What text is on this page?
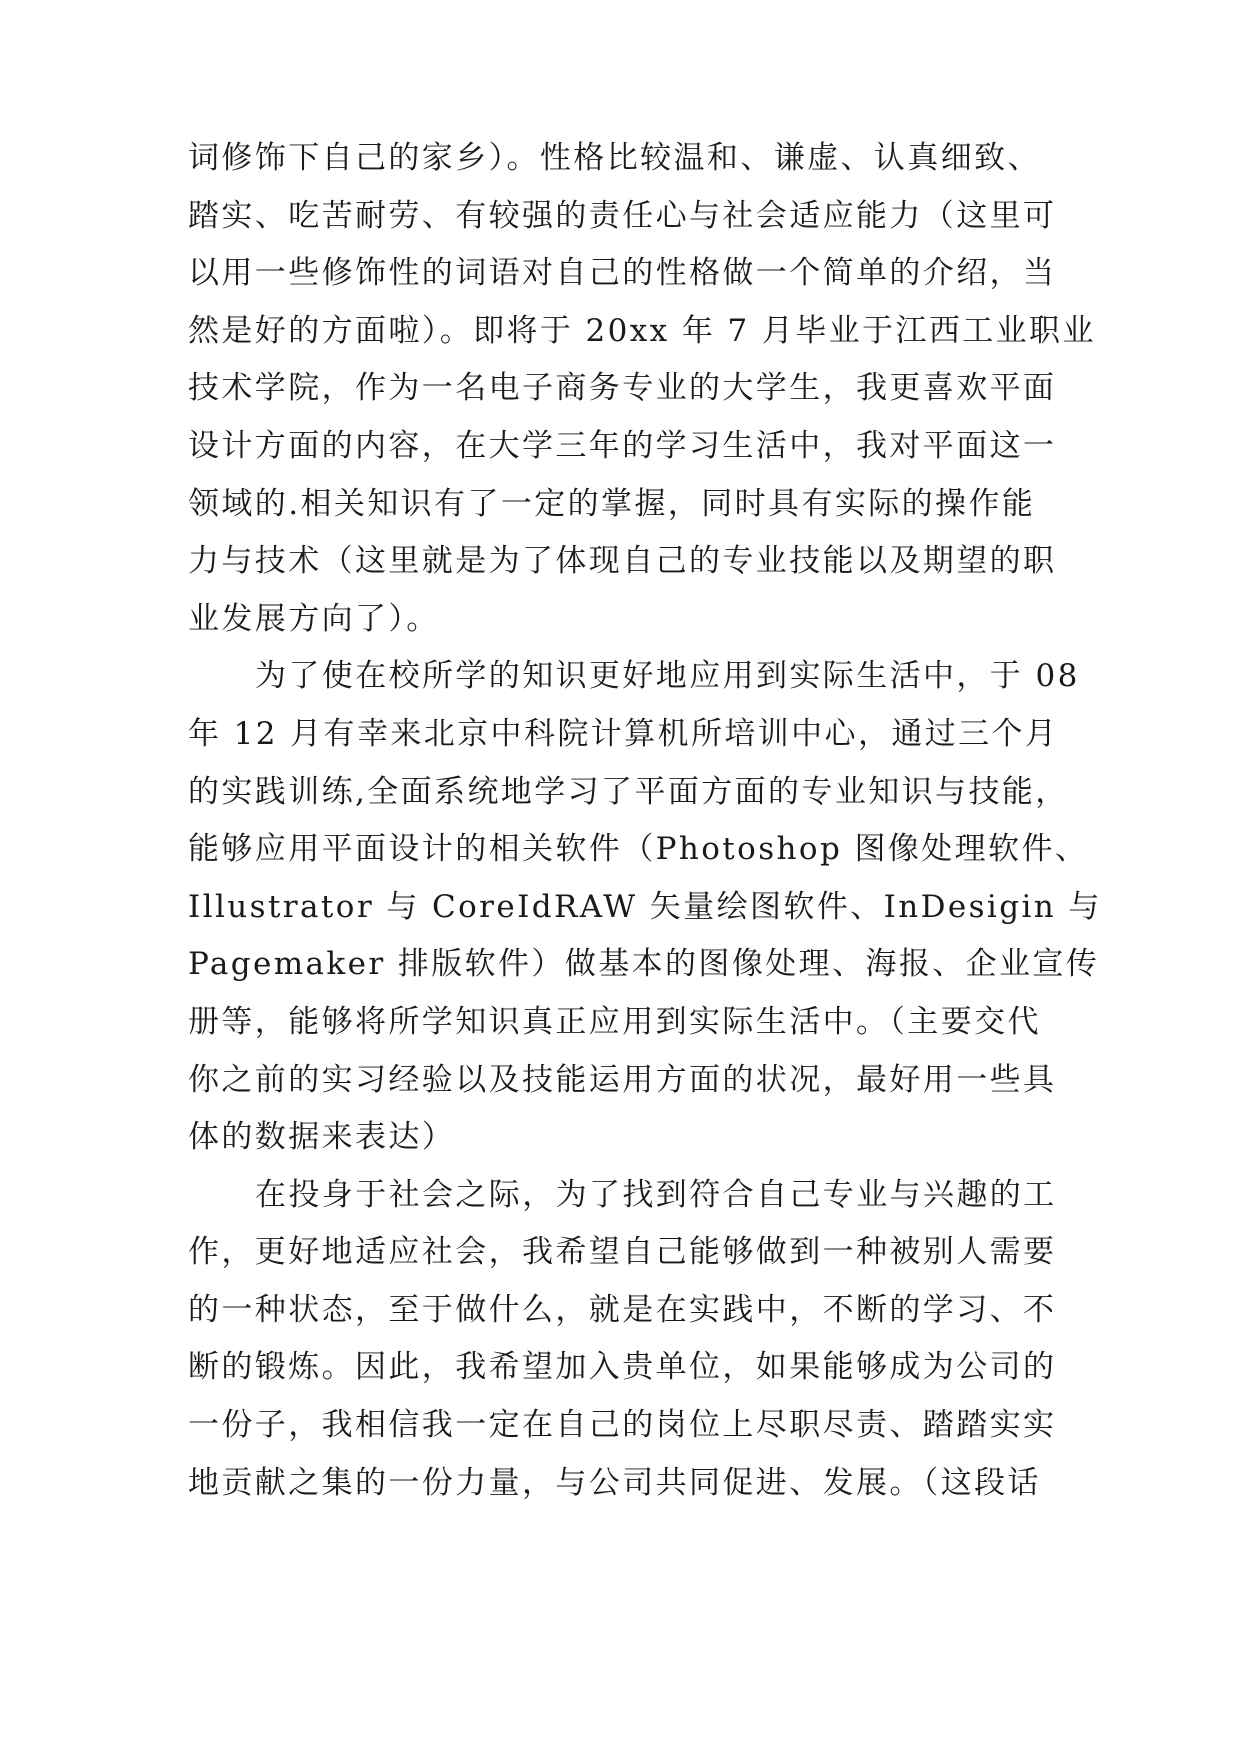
词修饰下自己的家乡）。性格比较温和、谦虚、认真细致、
踏实、吃苦耐劳、有较强的责任心与社会适应能力（这里可
以用一些修饰性的词语对自己的性格做一个简单的介绍，当
然是好的方面啦）。即将于 20xx 年 7 月毕业于江西工业职业
技术学院，作为一名电子商务专业的大学生，我更喜欢平面
设计方面的内容，在大学三年的学习生活中，我对平面这一
领域的.相关知识有了一定的掌握，同时具有实际的操作能
力与技术（这里就是为了体现自己的专业技能以及期望的职
业发展方向了）。
为了使在校所学的知识更好地应用到实际生活中，于 08
年 12 月有幸来北京中科院计算机所培训中心，通过三个月
的实践训练,全面系统地学习了平面方面的专业知识与技能，
能够应用平面设计的相关软件（Photoshop 图像处理软件、
Illustrator 与 CoreIdRAW 矢量绘图软件、InDesigin 与
Pagemaker 排版软件）做基本的图像处理、海报、企业宣传
册等，能够将所学知识真正应用到实际生活中。（主要交代
你之前的实习经验以及技能运用方面的状况，最好用一些具
体的数据来表达）
在投身于社会之际，为了找到符合自己专业与兴趣的工
作，更好地适应社会，我希望自己能够做到一种被别人需要
的一种状态，至于做什么，就是在实践中，不断的学习、不
断的锻炼。因此，我希望加入贵单位，如果能够成为公司的
一份子，我相信我一定在自己的岗位上尽职尽责、踏踏实实
地贡献之集的一份力量，与公司共同促进、发展。（这段话
